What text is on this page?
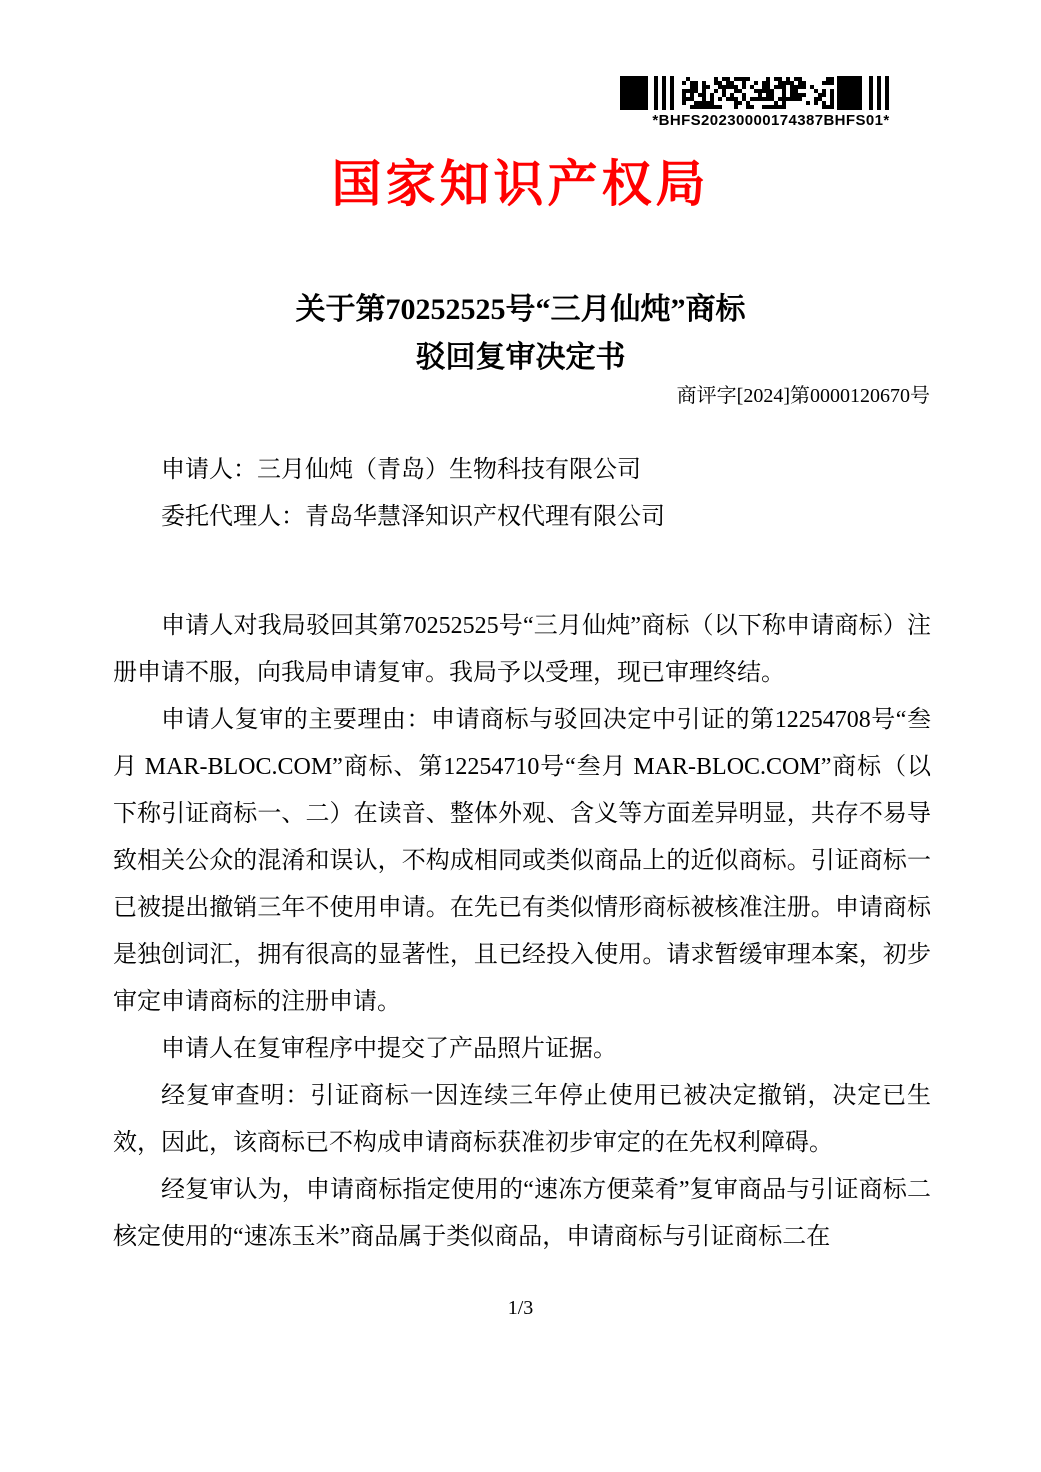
*BHFS20230000174387BHFS01*
国家知识产权局
关于第70252525号“三月仙炖”商标
驳回复审决定书
商评字[2024]第0000120670号

申请人：三月仙炖（青岛）生物科技有限公司

委托代理人：青岛华慧泽知识产权代理有限公司

申请人对我局驳回其第70252525号“三月仙炖”商标（以下称申请商标）注册申请不服，向我局申请复审。我局予以受理，现已审理终结。

申请人复审的主要理由：申请商标与驳回决定中引证的第12254708号“叁月 MAR-BLOC.COM”商标、第12254710号“叁月 MAR-BLOC.COM”商标（以下称引证商标一、二）在读音、整体外观、含义等方面差异明显，共存不易导致相关公众的混淆和误认，不构成相同或类似商品上的近似商标。引证商标一已被提出撤销三年不使用申请。在先已有类似情形商标被核准注册。申请商标是独创词汇，拥有很高的显著性，且已经投入使用。请求暂缓审理本案，初步审定申请商标的注册申请。

申请人在复审程序中提交了产品照片证据。

经复审查明：引证商标一因连续三年停止使用已被决定撤销，决定已生效，因此，该商标已不构成申请商标获准初步审定的在先权利障碍。

经复审认为，申请商标指定使用的“速冻方便菜肴”复审商品与引证商标二核定使用的“速冻玉米”商品属于类似商品，申请商标与引证商标二在

1/3
